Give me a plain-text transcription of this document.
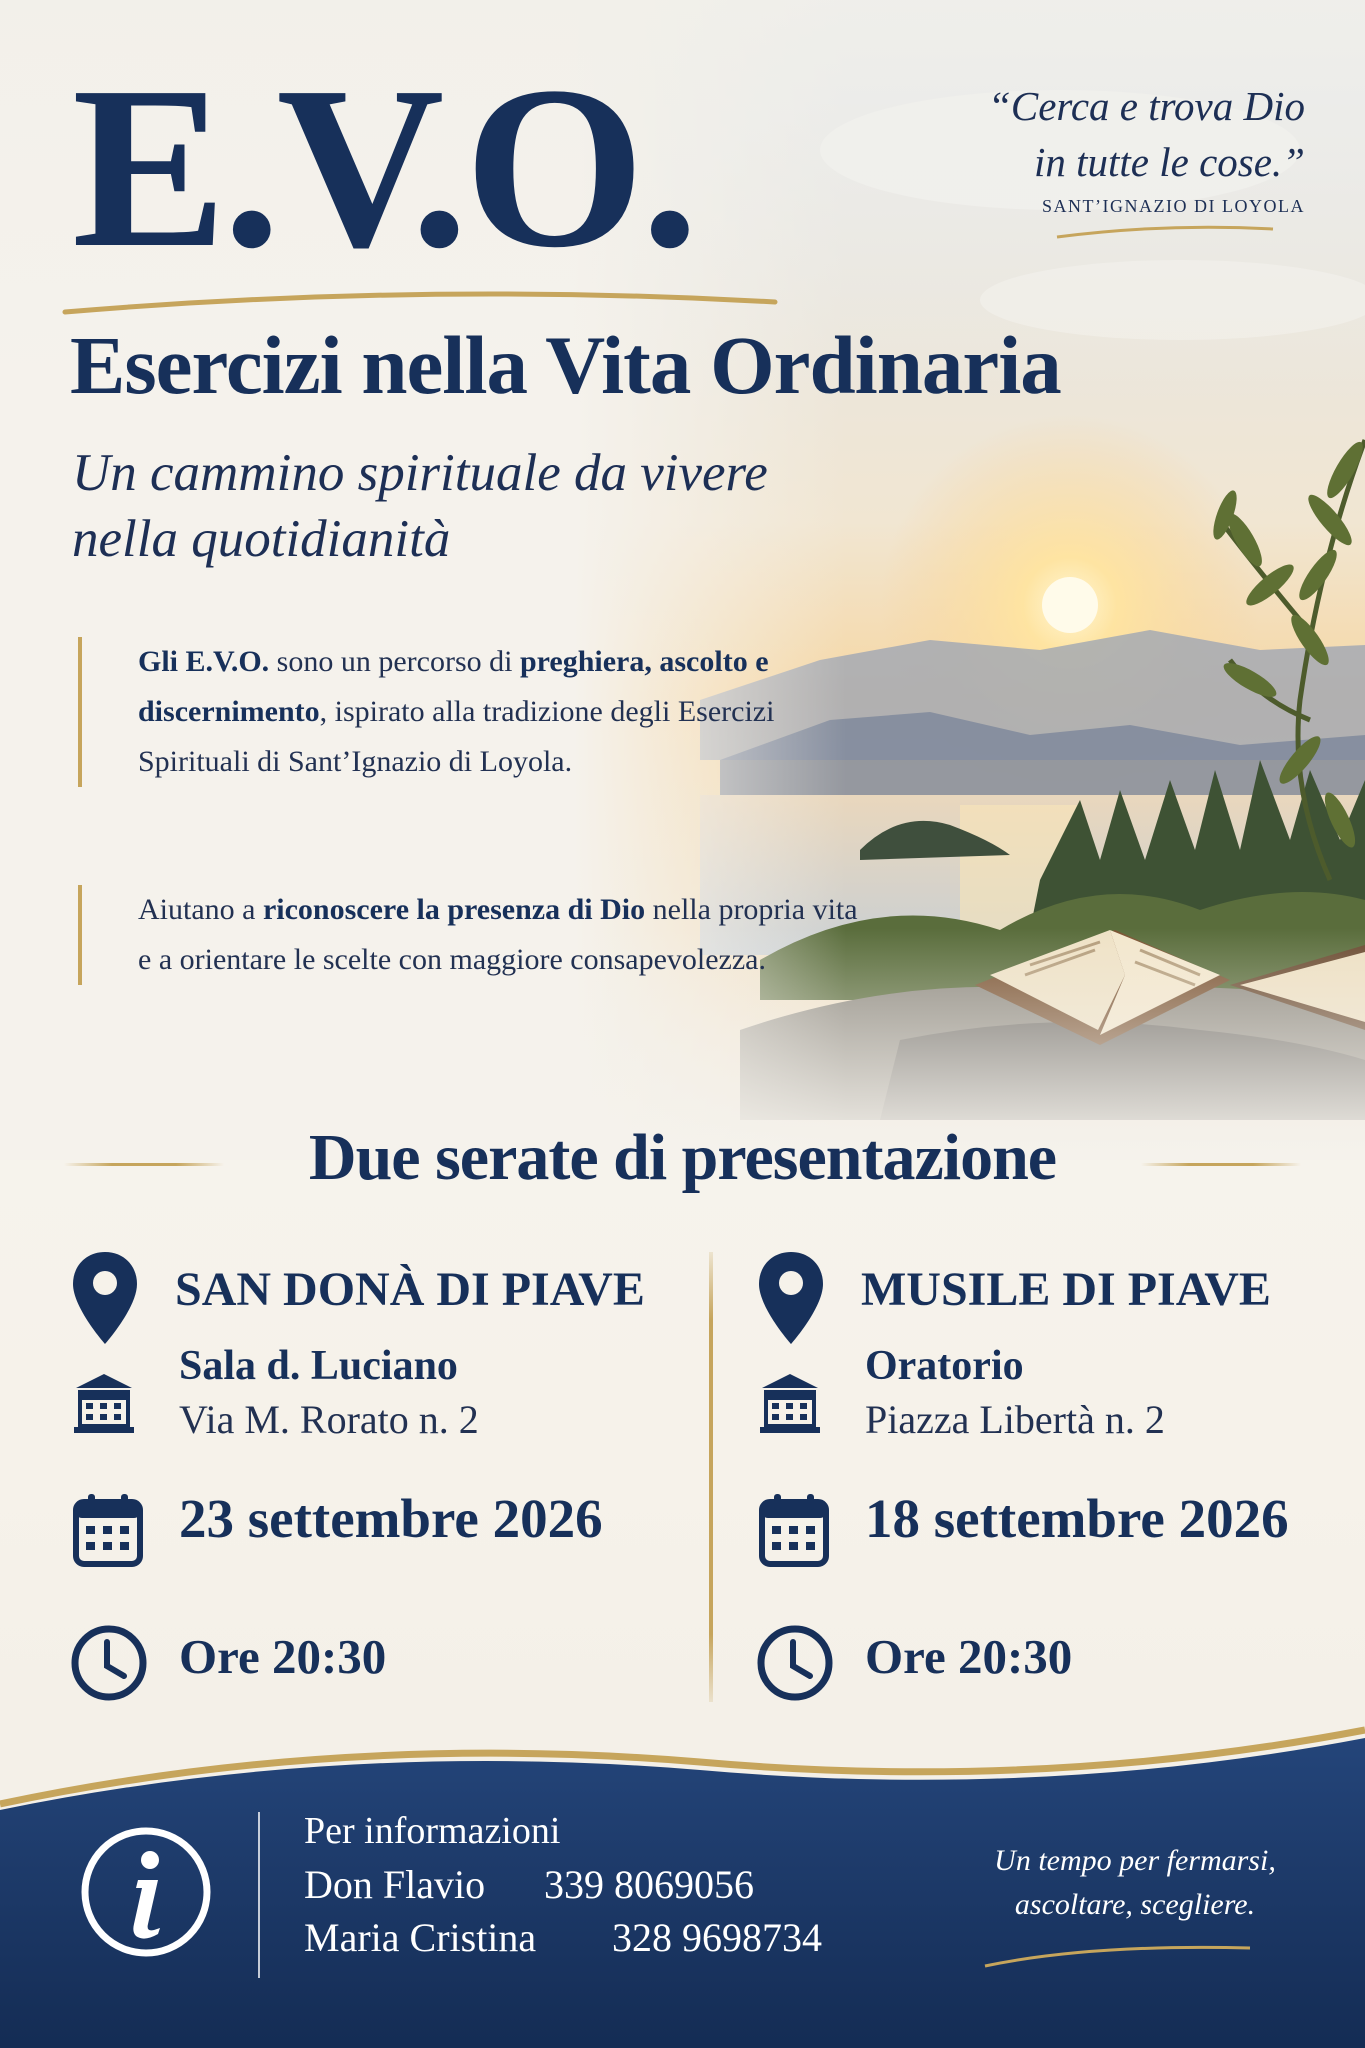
E.V.O.	“Cerca e trova Dio
in tutte le cose.”
SANT’IGNAZIO DI LOYOLA
Esercizi nella Vita Ordinaria
Un cammino spirituale da vivere
nella quotidianità
Gli E.V.O. sono un percorso di preghiera, ascolto e discernimento, ispirato alla tradizione degli Esercizi Spirituali di Sant’Ignazio di Loyola.
Aiutano a riconoscere la presenza di Dio nella propria vita e a orientare le scelte con maggiore consapevolezza.
Due serate di presentazione
SAN DONÀ DI PIAVE
Sala d. Luciano
Via M. Rorato n. 2
23 settembre 2026
Ore 20:30
MUSILE DI PIAVE
Oratorio
Piazza Libertà n. 2
18 settembre 2026
Ore 20:30
Per informazioni
Don Flavio 339 8069056
Maria Cristina 328 9698734
Un tempo per fermarsi,
ascoltare, scegliere.
